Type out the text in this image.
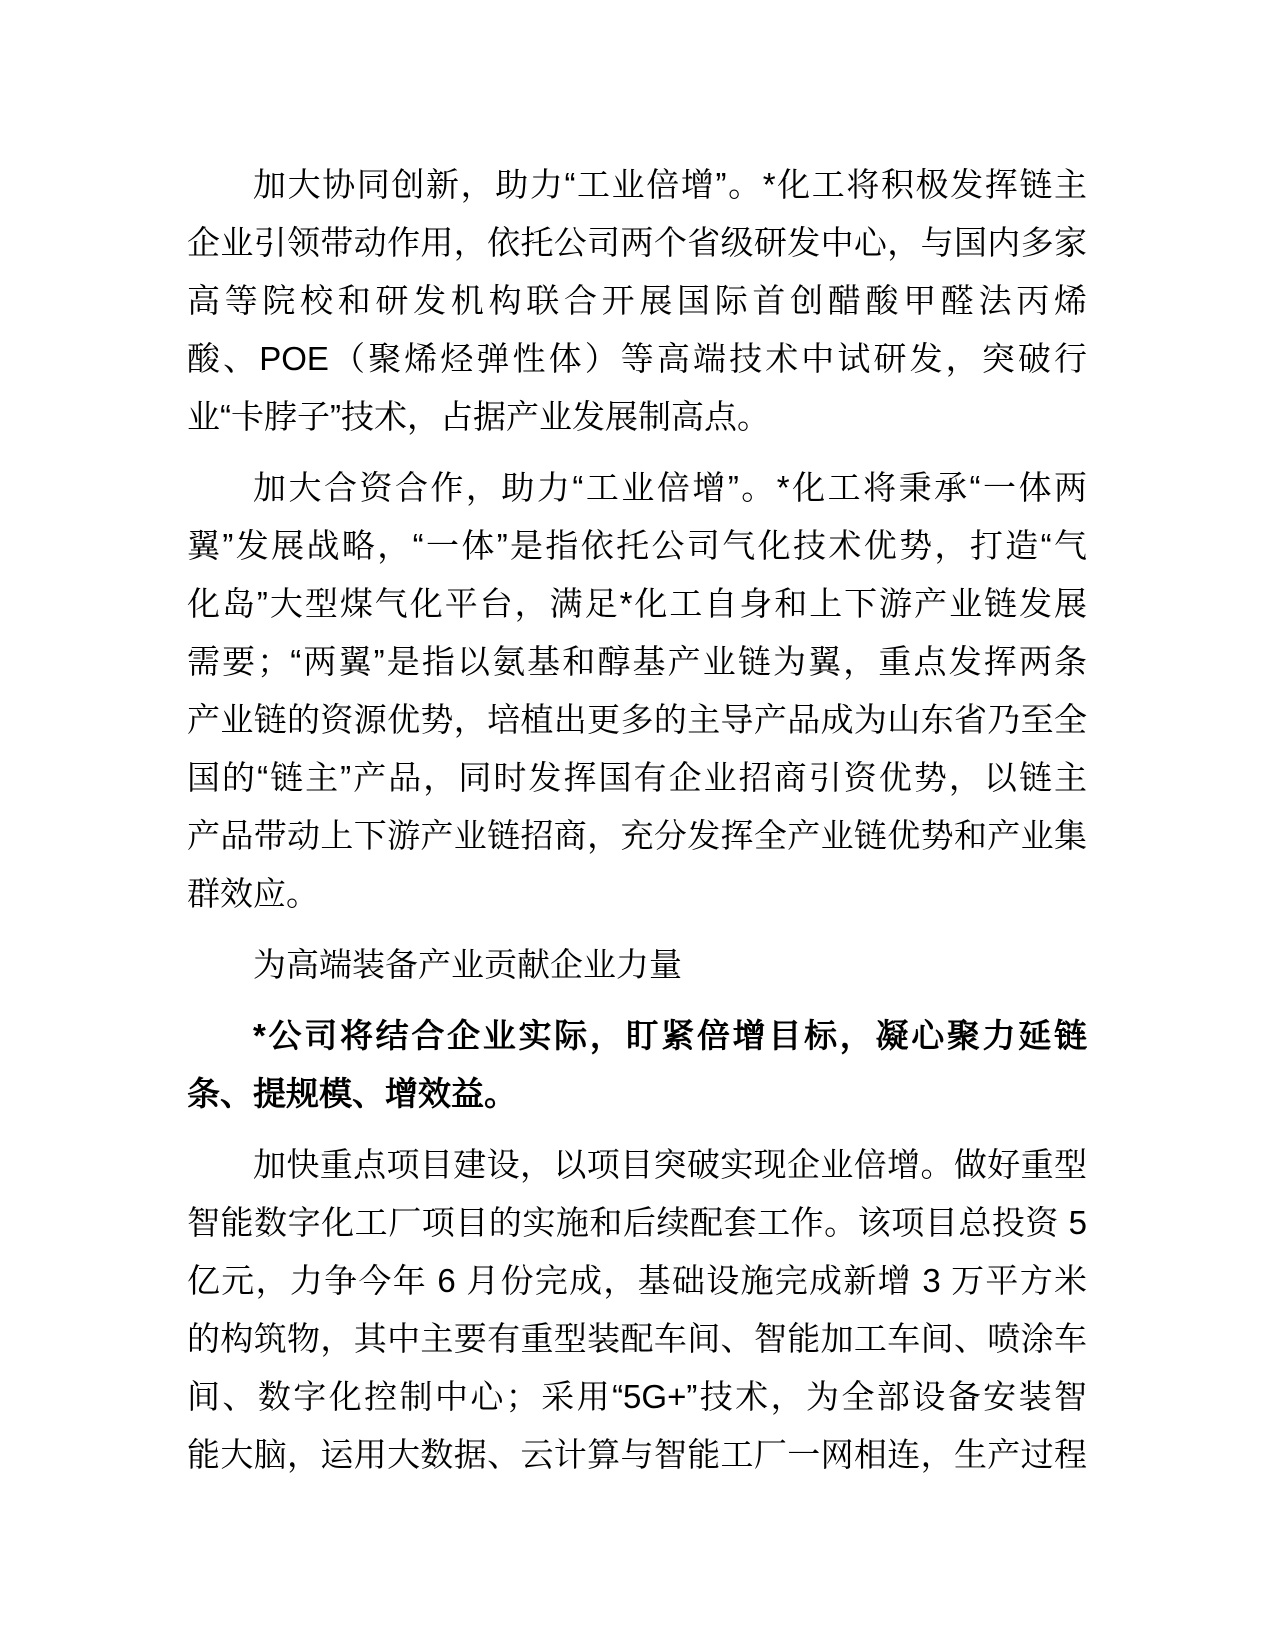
加大协同创新，助力“工业倍增”。*化工将积极发挥链主
企业引领带动作用，依托公司两个省级研发中心，与国内多家
高等院校和研发机构联合开展国际首创醋酸甲醛法丙烯
酸、POE（聚烯烃弹性体）等高端技术中试研发，突破行
业“卡脖子”技术，占据产业发展制高点。
加大合资合作，助力“工业倍增”。*化工将秉承“一体两
翼”发展战略，“一体”是指依托公司气化技术优势，打造“气
化岛”大型煤气化平台，满足*化工自身和上下游产业链发展
需要；“两翼”是指以氨基和醇基产业链为翼，重点发挥两条
产业链的资源优势，培植出更多的主导产品成为山东省乃至全
国的“链主”产品，同时发挥国有企业招商引资优势，以链主
产品带动上下游产业链招商，充分发挥全产业链优势和产业集
群效应。
为高端装备产业贡献企业力量
*公司将结合企业实际，盯紧倍增目标，凝心聚力延链
条、提规模、增效益。
加快重点项目建设，以项目突破实现企业倍增。做好重型
智能数字化工厂项目的实施和后续配套工作。该项目总投资 5
亿元，力争今年 6 月份完成，基础设施完成新增 3 万平方米
的构筑物，其中主要有重型装配车间、智能加工车间、喷涂车
间、数字化控制中心；采用“5G+”技术，为全部设备安装智
能大脑，运用大数据、云计算与智能工厂一网相连，生产过程
